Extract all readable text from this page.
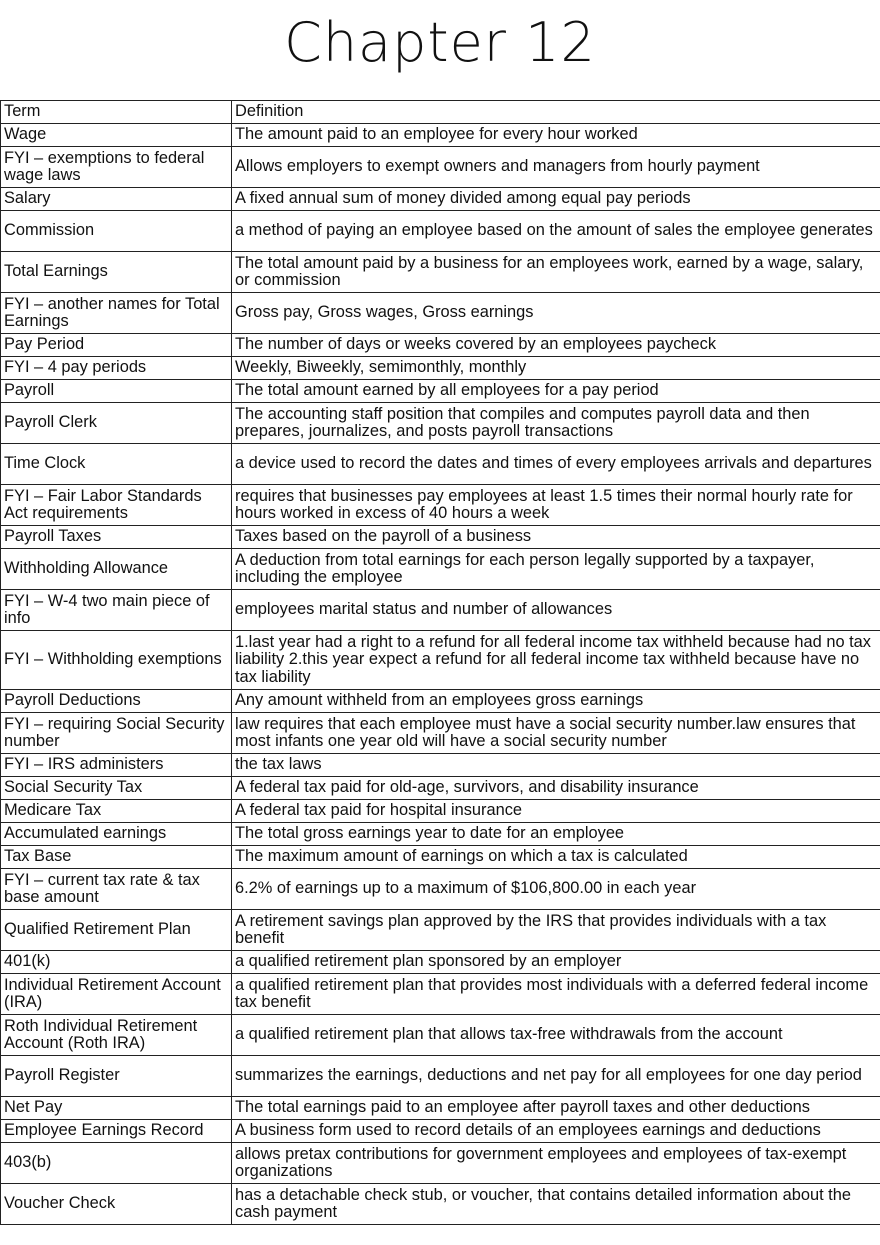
Chapter 12
Term	Definition
Wage	The amount paid to an employee for every hour worked
FYI – exemptions to federal wage laws	Allows employers to exempt owners and managers from hourly payment
Salary	A fixed annual sum of money divided among equal pay periods
Commission	a method of paying an employee based on the amount of sales the employee generates
Total Earnings	The total amount paid by a business for an employees work, earned by a wage, salary, or commission
FYI – another names for Total Earnings	Gross pay, Gross wages, Gross earnings
Pay Period	The number of days or weeks covered by an employees paycheck
FYI – 4 pay periods	Weekly, Biweekly, semimonthly, monthly
Payroll	The total amount earned by all employees for a pay period
Payroll Clerk	The accounting staff position that compiles and computes payroll data and then prepares, journalizes, and posts payroll transactions
Time Clock	a device used to record the dates and times of every employees arrivals and departures
FYI – Fair Labor Standards Act requirements	requires that businesses pay employees at least 1.5 times their normal hourly rate for hours worked in excess of 40 hours a week
Payroll Taxes	Taxes based on the payroll of a business
Withholding Allowance	A deduction from total earnings for each person legally supported by a taxpayer, including the employee
FYI – W-4 two main piece of info	employees marital status and number of allowances
FYI – Withholding exemptions	1.last year had a right to a refund for all federal income tax withheld because had no tax liability 2.this year expect a refund for all federal income tax withheld because have no tax liability
Payroll Deductions	Any amount withheld from an employees gross earnings
FYI – requiring Social Security number	law requires that each employee must have a social security number.law ensures that most infants one year old will have a social security number
FYI – IRS administers	the tax laws
Social Security Tax	A federal tax paid for old-age, survivors, and disability insurance
Medicare Tax	A federal tax paid for hospital insurance
Accumulated earnings	The total gross earnings year to date for an employee
Tax Base	The maximum amount of earnings on which a tax is calculated
FYI – current tax rate & tax base amount	6.2% of earnings up to a maximum of $106,800.00 in each year
Qualified Retirement Plan	A retirement savings plan approved by the IRS that provides individuals with a tax benefit
401(k)	a qualified retirement plan sponsored by an employer
Individual Retirement Account (IRA)	a qualified retirement plan that provides most individuals with a deferred federal income tax benefit
Roth Individual Retirement Account (Roth IRA)	a qualified retirement plan that allows tax-free withdrawals from the account
Payroll Register	summarizes the earnings, deductions and net pay for all employees for one day period
Net Pay	The total earnings paid to an employee after payroll taxes and other deductions
Employee Earnings Record	A business form used to record details of an employees earnings and deductions
403(b)	allows pretax contributions for government employees and employees of tax-exempt organizations
Voucher Check	has a detachable check stub, or voucher, that contains detailed information about the cash payment
